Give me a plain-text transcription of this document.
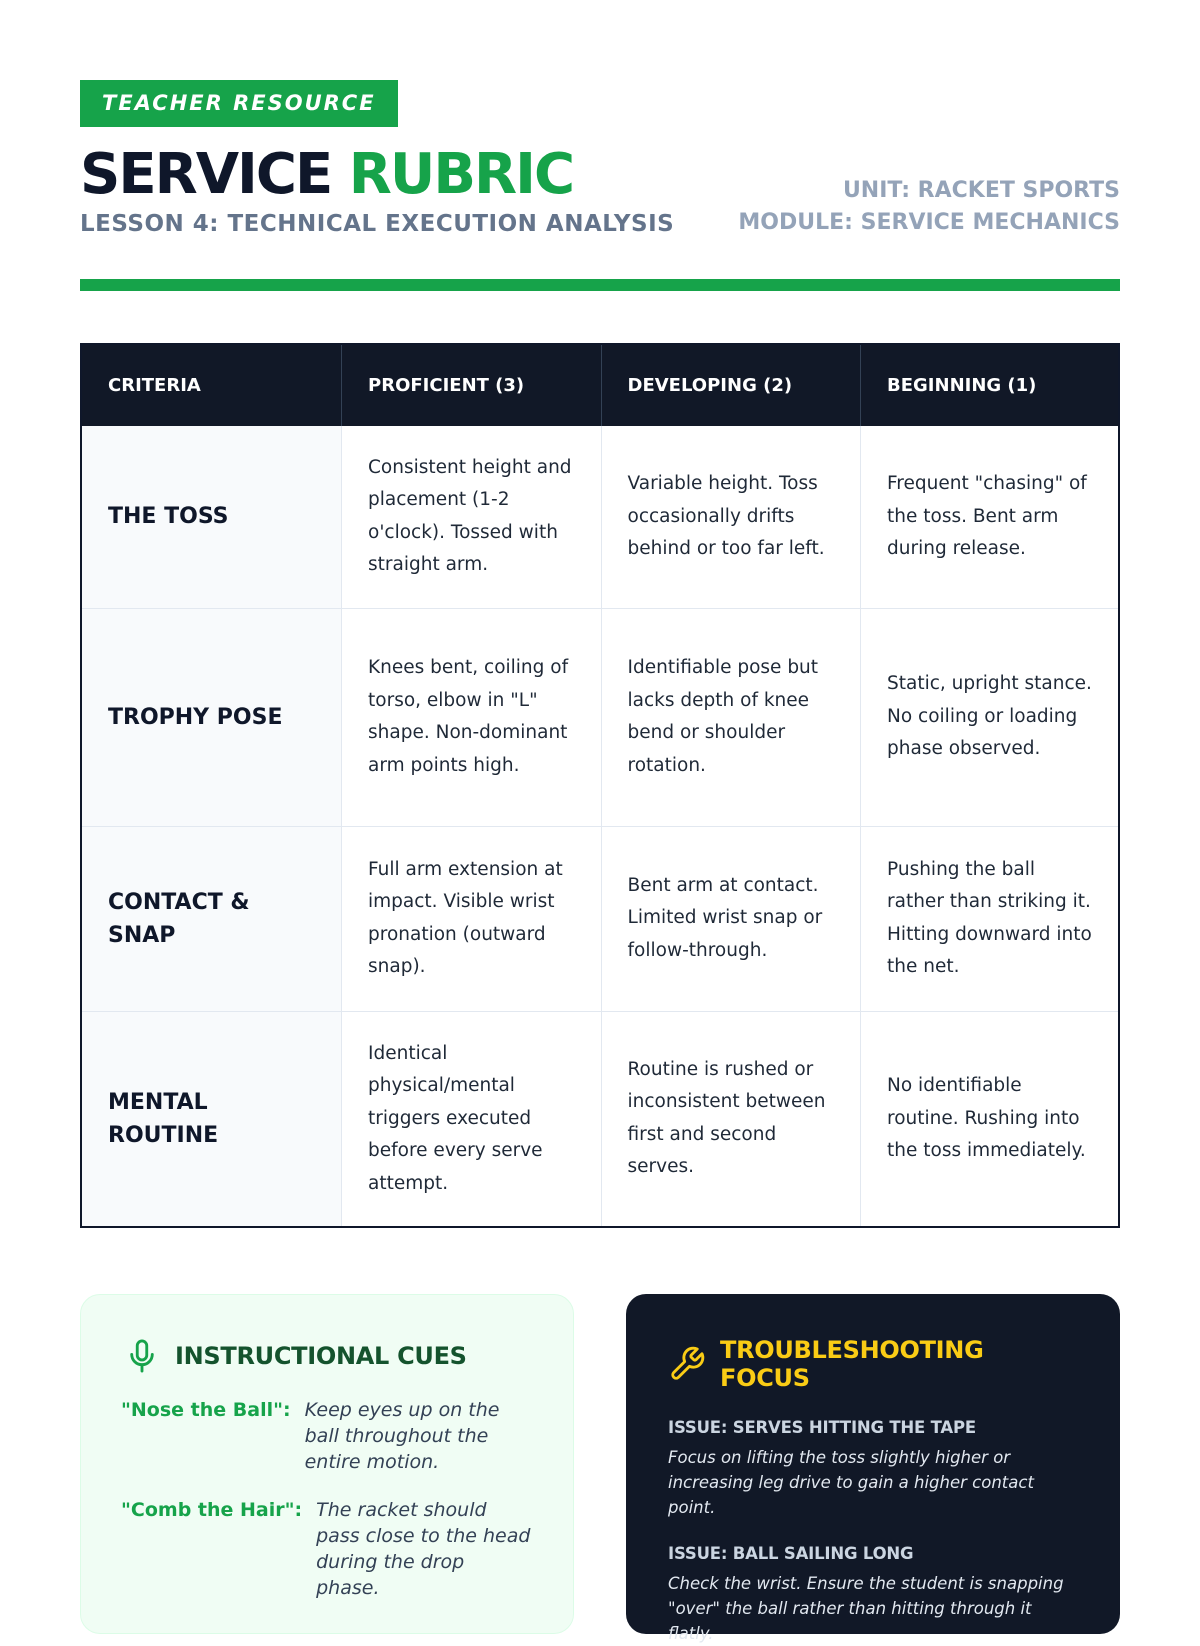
TEACHER RESOURCE
SERVICE RUBRIC
LESSON 4: TECHNICAL EXECUTION ANALYSIS
UNIT: RACKET SPORTS
MODULE: SERVICE MECHANICS
CRITERIA	PROFICIENT (3)	DEVELOPING (2)	BEGINNING (1)
THE TOSS	Consistent height and placement (1-2 o'clock). Tossed with straight arm.	Variable height. Toss occasionally drifts behind or too far left.	Frequent "chasing" of the toss. Bent arm during release.
TROPHY POSE	Knees bent, coiling of torso, elbow in "L" shape. Non-dominant arm points high.	Identifiable pose but lacks depth of knee bend or shoulder rotation.	Static, upright stance. No coiling or loading phase observed.
CONTACT & SNAP	Full arm extension at impact. Visible wrist pronation (outward snap).	Bent arm at contact. Limited wrist snap or follow-through.	Pushing the ball rather than striking it. Hitting downward into the net.
MENTAL ROUTINE	Identical physical/mental triggers executed before every serve attempt.	Routine is rushed or inconsistent between first and second serves.	No identifiable routine. Rushing into the toss immediately.
INSTRUCTIONAL CUES
"Nose the Ball": Keep eyes up on the ball throughout the entire motion.
"Comb the Hair": The racket should pass close to the head during the drop phase.
TROUBLESHOOTING FOCUS
ISSUE: SERVES HITTING THE TAPE
Focus on lifting the toss slightly higher or increasing leg drive to gain a higher contact point.
ISSUE: BALL SAILING LONG
Check the wrist. Ensure the student is snapping "over" the ball rather than hitting through it flatly.
